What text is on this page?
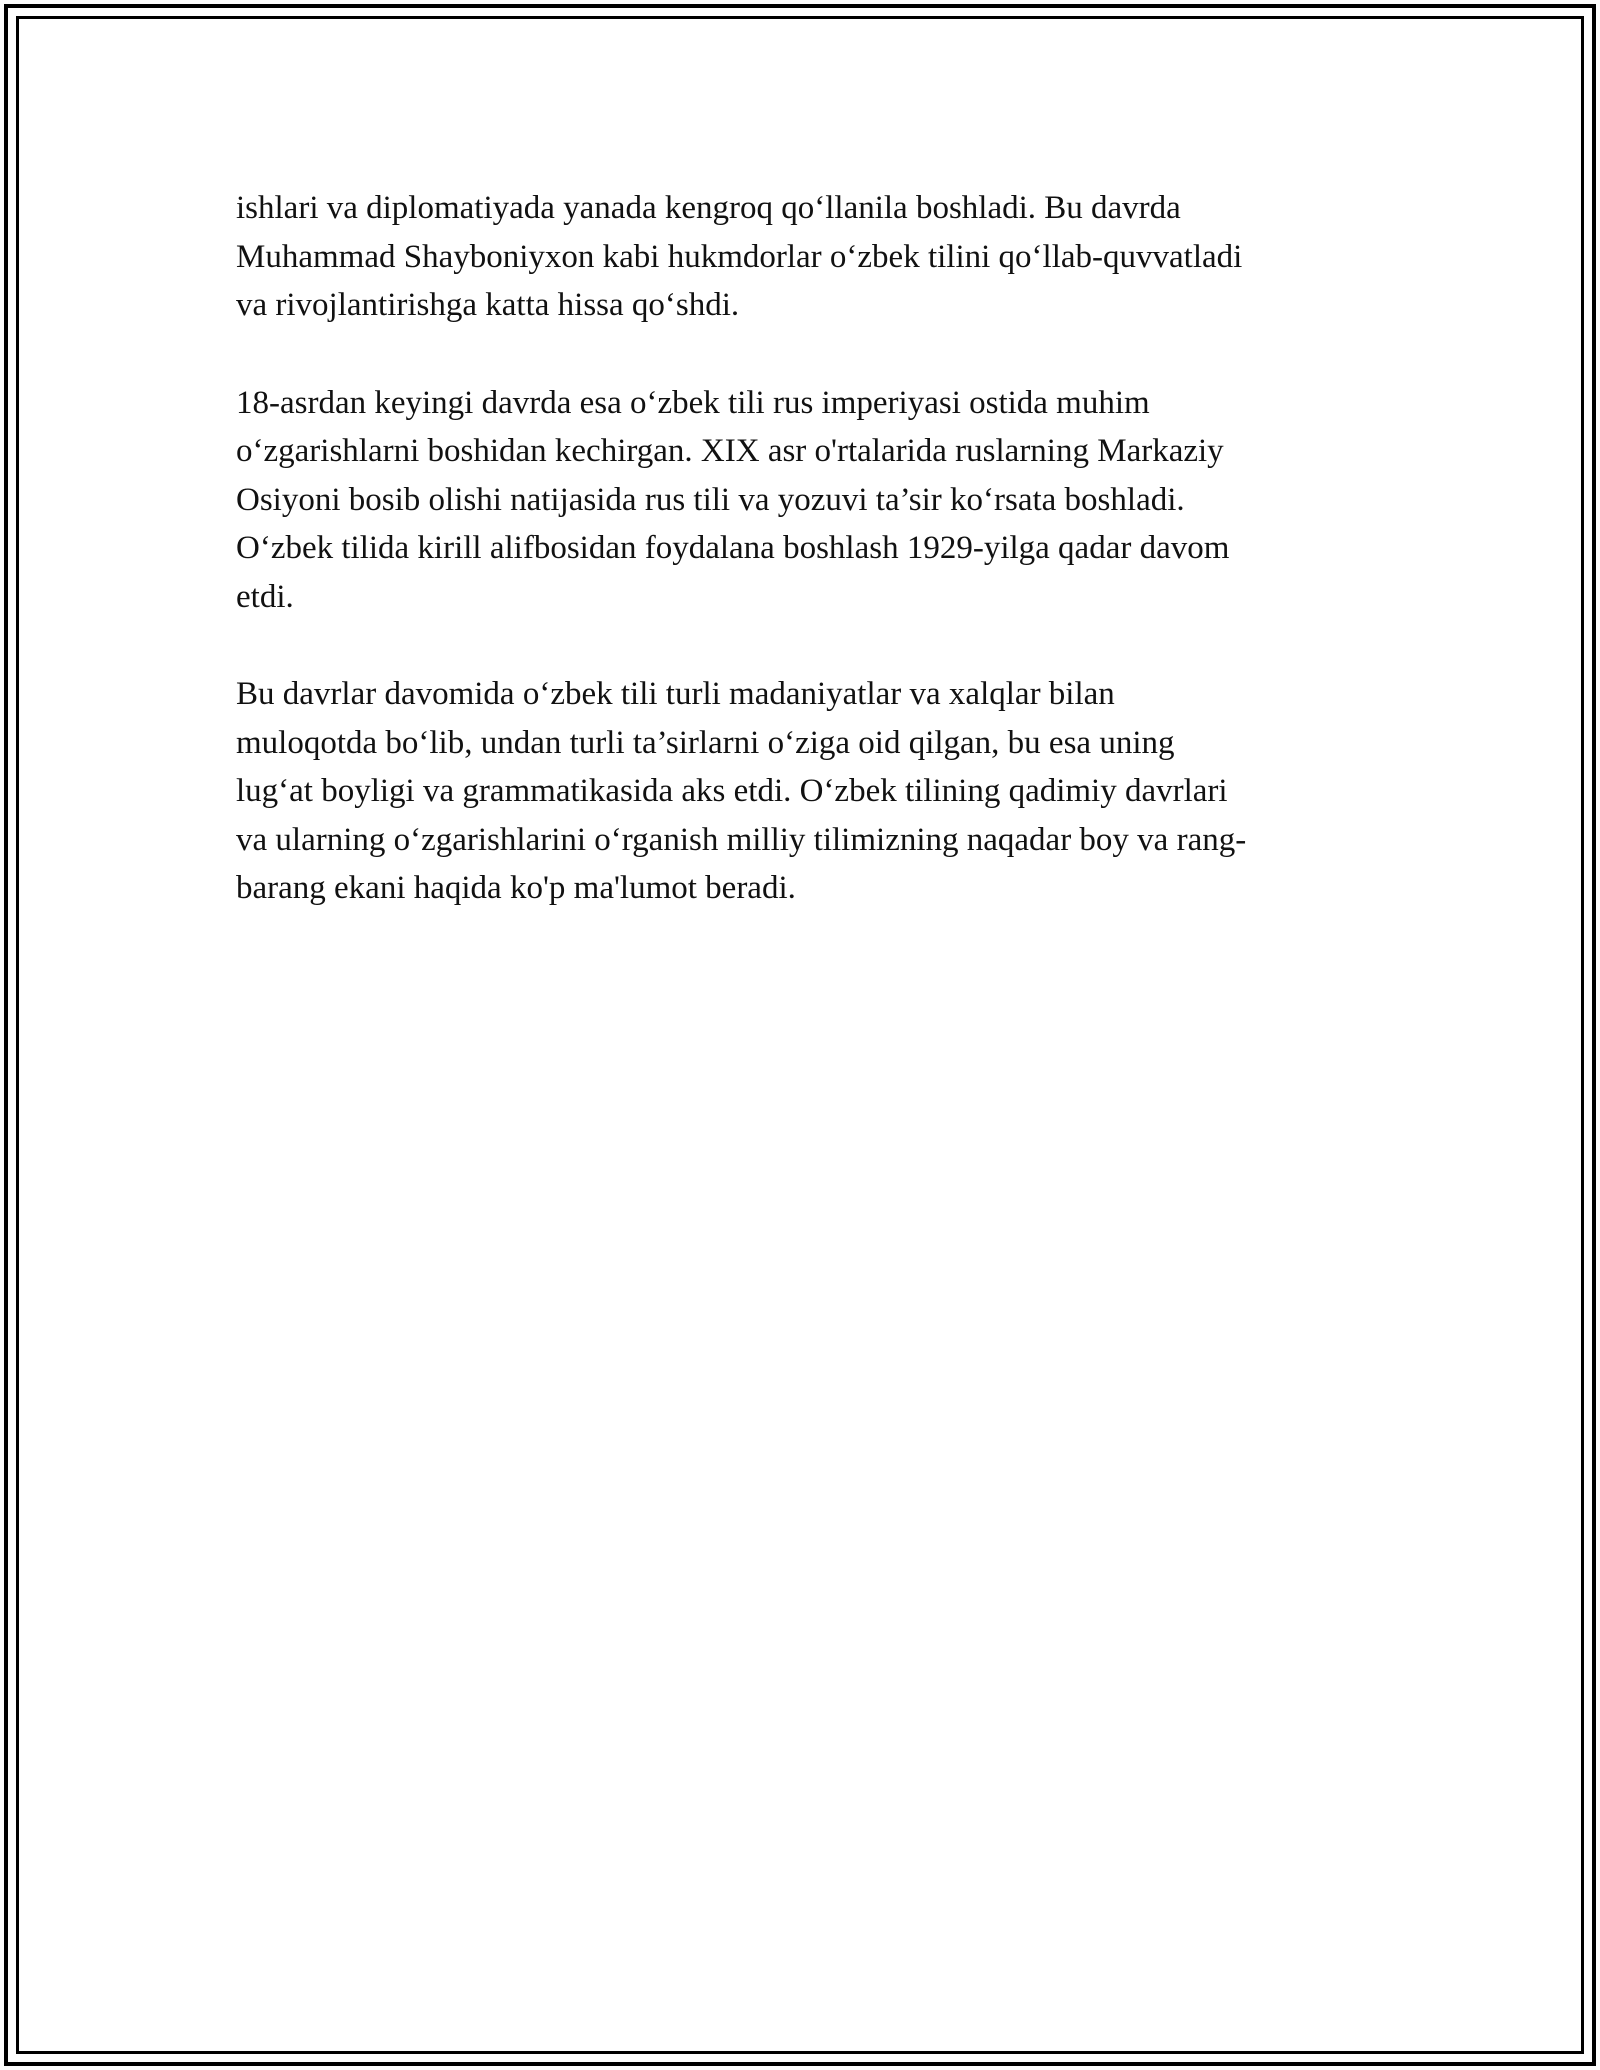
ishlari va diplomatiyada yanada kengroq qo‘llanila boshladi. Bu davrda
Muhammad Shayboniyxon kabi hukmdorlar o‘zbek tilini qo‘llab-quvvatladi
va rivojlantirishga katta hissa qo‘shdi.
18-asrdan keyingi davrda esa o‘zbek tili rus imperiyasi ostida muhim
o‘zgarishlarni boshidan kechirgan. XIX asr o'rtalarida ruslarning Markaziy
Osiyoni bosib olishi natijasida rus tili va yozuvi ta’sir ko‘rsata boshladi.
O‘zbek tilida kirill alifbosidan foydalana boshlash 1929-yilga qadar davom
etdi.
Bu davrlar davomida o‘zbek tili turli madaniyatlar va xalqlar bilan
muloqotda bo‘lib, undan turli ta’sirlarni o‘ziga oid qilgan, bu esa uning
lug‘at boyligi va grammatikasida aks etdi. O‘zbek tilining qadimiy davrlari
va ularning o‘zgarishlarini o‘rganish milliy tilimizning naqadar boy va rang-
barang ekani haqida ko'p ma'lumot beradi.
